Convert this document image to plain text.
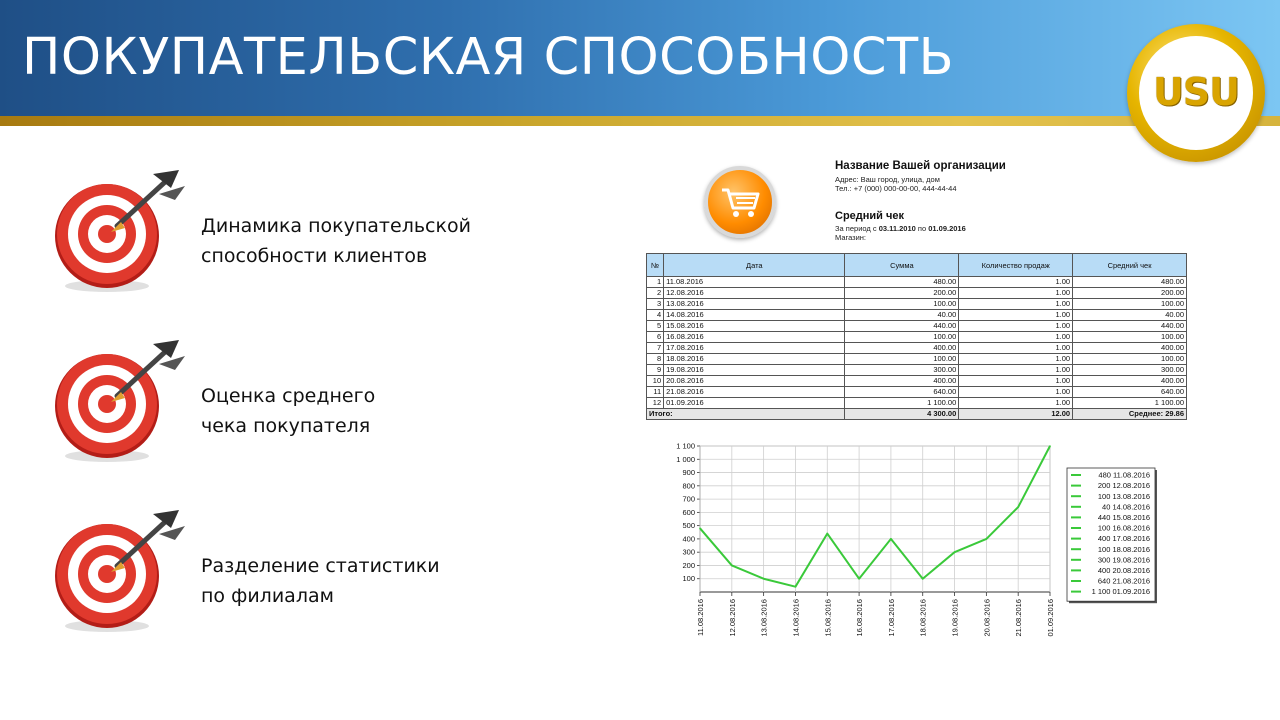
ПОКУПАТЕЛЬСКАЯ СПОСОБНОСТЬ
USU
Динамика покупательской
способности клиентов
Оценка среднего
чека покупателя
Разделение статистики
по филиалам
Название Вашей организации
Адрес: Ваш город, улица, дом
Тел.: +7 (000) 000-00-00, 444-44-44
Средний чек
За период с 03.11.2010 по 01.09.2016
Магазин:
№	Дата	Сумма	Количество продаж	Средний чек
1	11.08.2016	480.00	1.00	480.00
2	12.08.2016	200.00	1.00	200.00
3	13.08.2016	100.00	1.00	100.00
4	14.08.2016	40.00	1.00	40.00
5	15.08.2016	440.00	1.00	440.00
6	16.08.2016	100.00	1.00	100.00
7	17.08.2016	400.00	1.00	400.00
8	18.08.2016	100.00	1.00	100.00
9	19.08.2016	300.00	1.00	300.00
10	20.08.2016	400.00	1.00	400.00
11	21.08.2016	640.00	1.00	640.00
12	01.09.2016	1 100.00	1.00	1 100.00
Итого:		4 300.00	12.00	Среднее: 29.86
100
200
300
400
500
600
700
800
900
1 000
1 100
11.08.2016	12.08.2016	13.08.2016	14.08.2016	15.08.2016	16.08.2016	17.08.2016	18.08.2016	19.08.2016	20.08.2016	21.08.2016	01.09.2016
480 11.08.2016
200 12.08.2016
100 13.08.2016
40 14.08.2016
440 15.08.2016
100 16.08.2016
400 17.08.2016
100 18.08.2016
300 19.08.2016
400 20.08.2016
640 21.08.2016
1 100 01.09.2016
